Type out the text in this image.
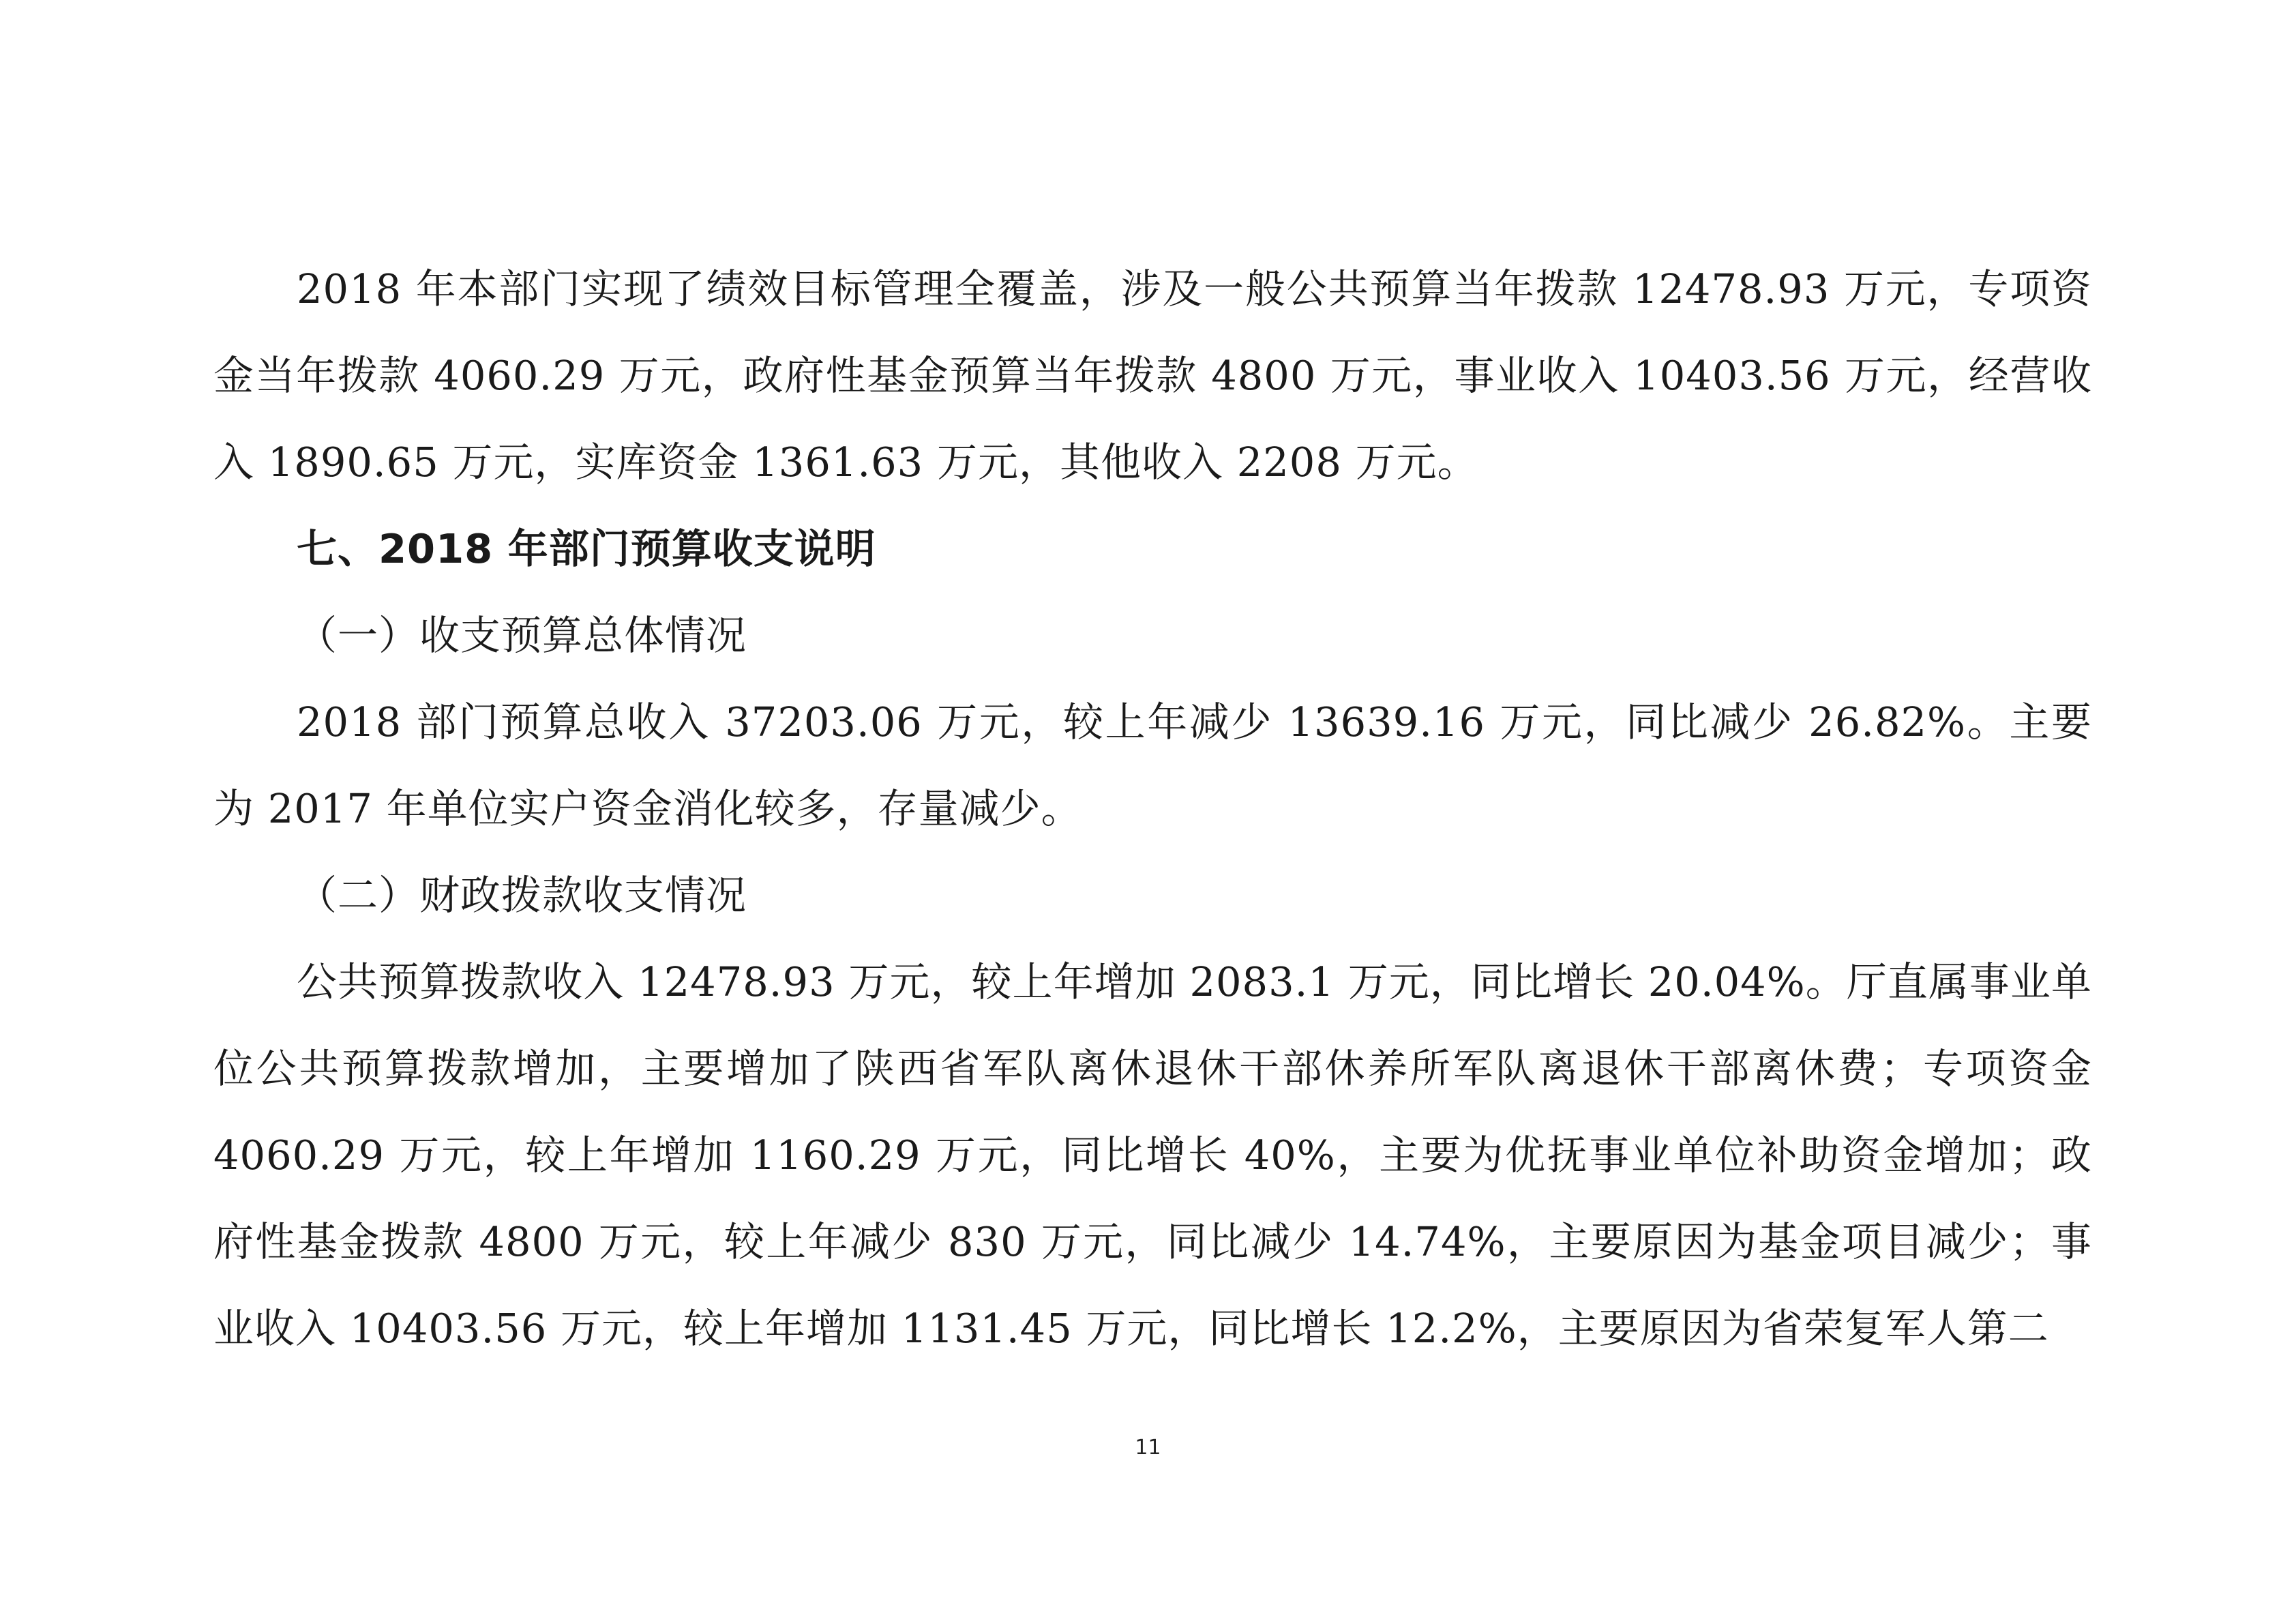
2018 年本部门实现了绩效目标管理全覆盖，涉及一般公共预算当年拨款 12478.93 万元，专项资金当年拨款 4060.29 万元，政府性基金预算当年拨款 4800 万元，事业收入 10403.56 万元，经营收入 1890.65 万元，实库资金 1361.63 万元，其他收入 2208 万元。

七、2018 年部门预算收支说明

（一）收支预算总体情况

2018 部门预算总收入 37203.06 万元，较上年减少 13639.16 万元，同比减少 26.82%。主要为 2017 年单位实户资金消化较多，存量减少。

（二）财政拨款收支情况

公共预算拨款收入 12478.93 万元，较上年增加 2083.1 万元，同比增长 20.04%。厅直属事业单位公共预算拨款增加，主要增加了陕西省军队离休退休干部休养所军队离退休干部离休费；专项资金 4060.29 万元，较上年增加 1160.29 万元，同比增长 40%，主要为优抚事业单位补助资金增加；政府性基金拨款 4800 万元，较上年减少 830 万元，同比减少 14.74%，主要原因为基金项目减少；事业收入 10403.56 万元，较上年增加 1131.45 万元，同比增长 12.2%，主要原因为省荣复军人第二

11
